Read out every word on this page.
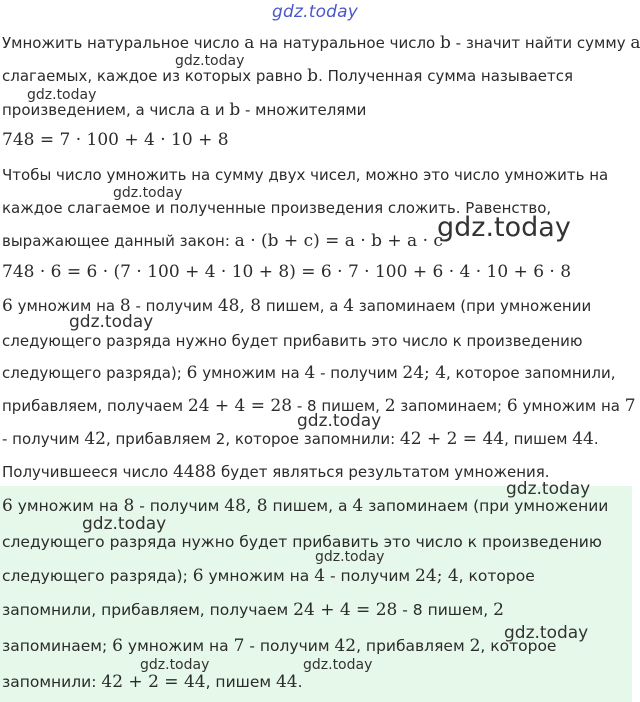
gdz.today
Умножить натуральное число a на натуральное число b - значит найти сумму a
слагаемых, каждое из которых равно b. Полученная сумма называется
произведением, а числа a и b - множителями
748 = 7 · 100 + 4 · 10 + 8
Чтобы число умножить на сумму двух чисел, можно это число умножить на
каждое слагаемое и полученные произведения сложить. Равенство,
выражающее данный закон: a · (b + c) = a · b + a · c
748 · 6 = 6 · (7 · 100 + 4 · 10 + 8) = 6 · 7 · 100 + 6 · 4 · 10 + 6 · 8
6 умножим на 8 - получим 48, 8 пишем, а 4 запоминаем (при умножении
следующего разряда нужно будет прибавить это число к произведению
следующего разряда); 6 умножим на 4 - получим 24; 4, которое запомнили,
прибавляем, получаем 24 + 4 = 28 - 8 пишем, 2 запоминаем; 6 умножим на 7
- получим 42, прибавляем 2, которое запомнили: 42 + 2 = 44, пишем 44.
Получившееся число 4488 будет являться результатом умножения.
6 умножим на 8 - получим 48, 8 пишем, а 4 запоминаем (при умножении
следующего разряда нужно будет прибавить это число к произведению
следующего разряда); 6 умножим на 4 - получим 24; 4, которое
запомнили, прибавляем, получаем 24 + 4 = 28 - 8 пишем, 2
запоминаем; 6 умножим на 7 - получим 42, прибавляем 2, которое
запомнили: 42 + 2 = 44, пишем 44.
gdz.today
gdz.today
gdz.today
gdz.today
gdz.today
gdz.today
gdz.today
gdz.today
gdz.today
gdz.today
gdz.today	gdz.today
